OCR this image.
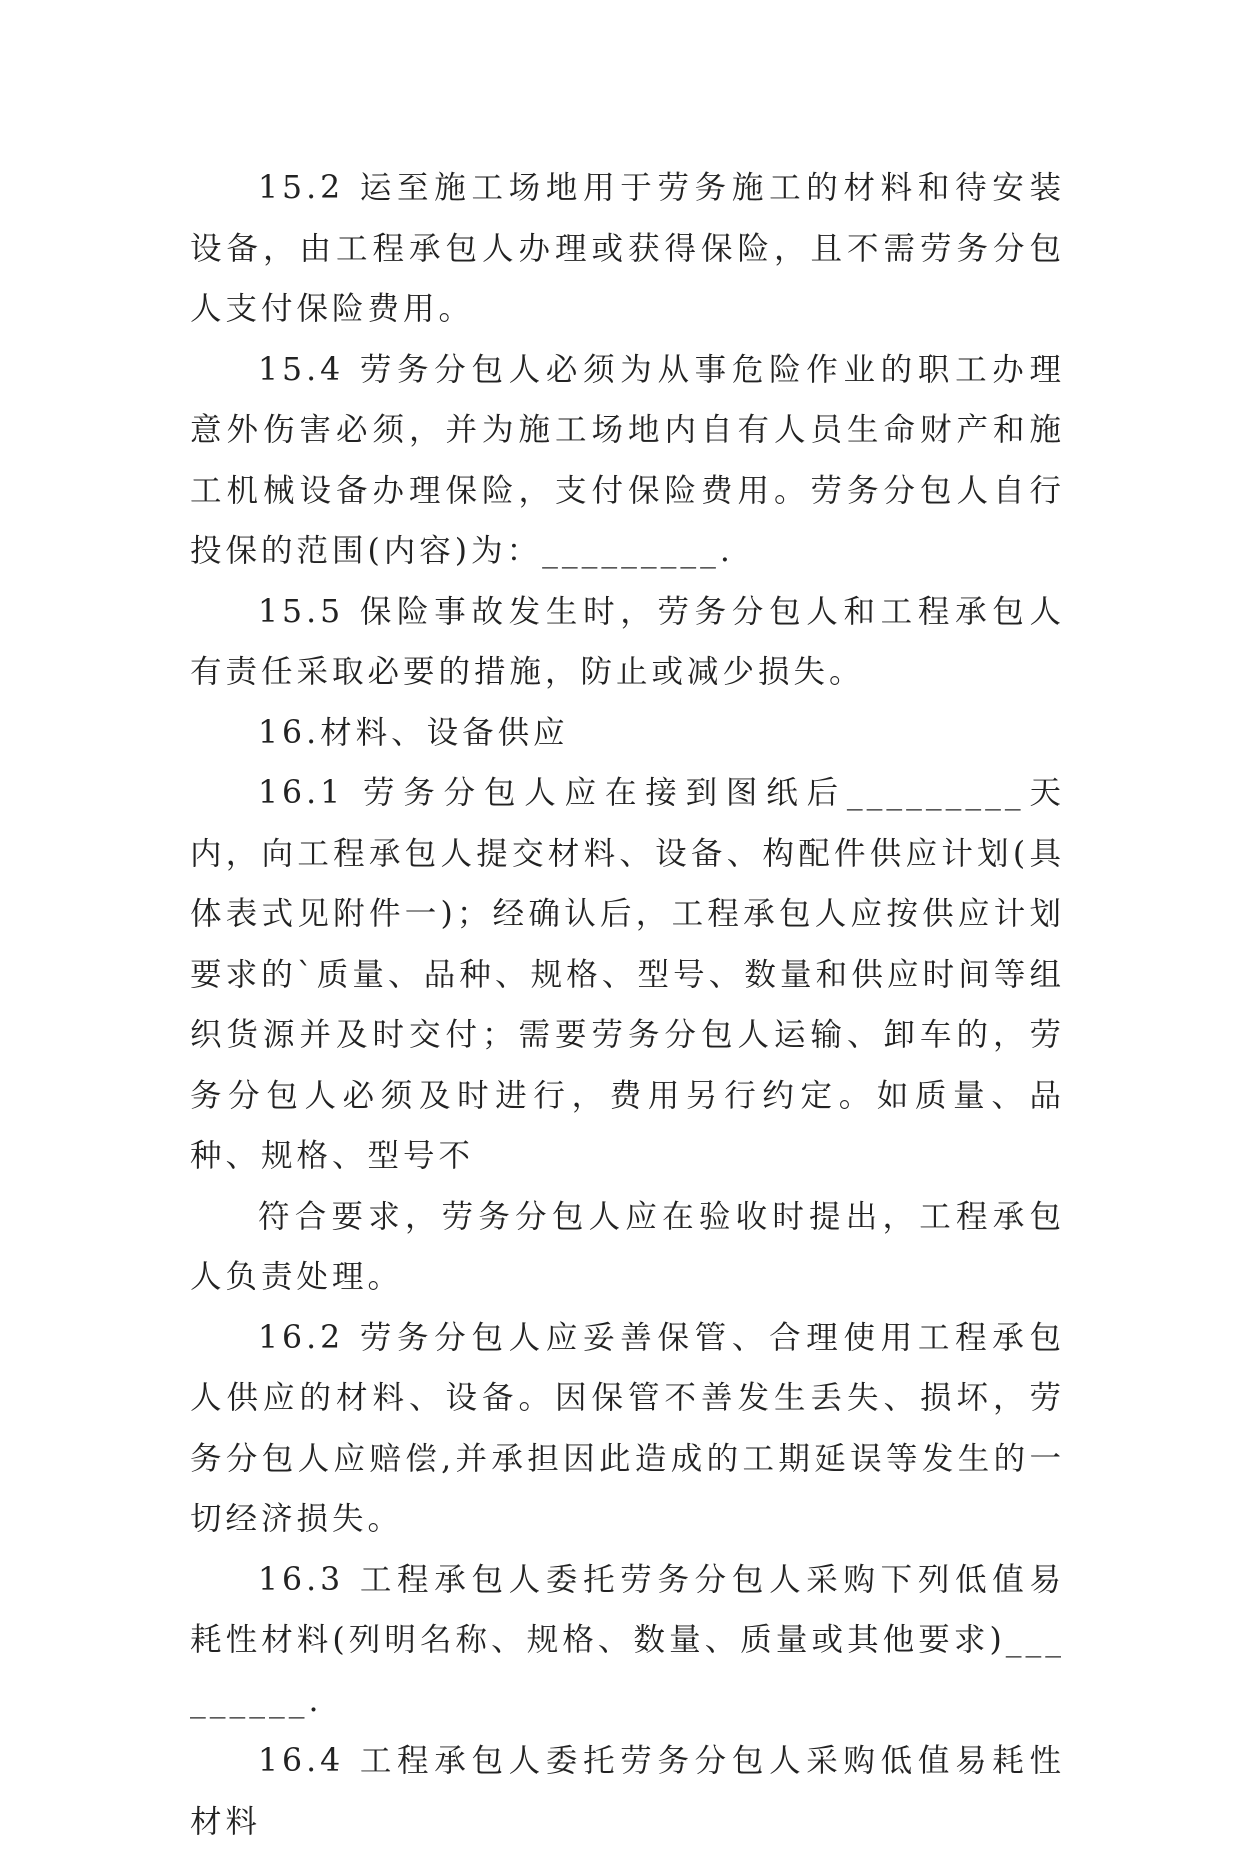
15.2 运至施工场地用于劳务施工的材料和待安装设备，由工程承包人办理或获得保险，且不需劳务分包人支付保险费用。

15.4 劳务分包人必须为从事危险作业的职工办理意外伤害必须，并为施工场地内自有人员生命财产和施工机械设备办理保险，支付保险费用。劳务分包人自行投保的范围(内容)为：_________.

15.5 保险事故发生时，劳务分包人和工程承包人有责任采取必要的措施，防止或减少损失。

16.材料、设备供应

16.1 劳务分包人应在接到图纸后_________天内，向工程承包人提交材料、设备、构配件供应计划(具体表式见附件一)；经确认后，工程承包人应按供应计划要求的`质量、品种、规格、型号、数量和供应时间等组织货源并及时交付；需要劳务分包人运输、卸车的，劳务分包人必须及时进行，费用另行约定。如质量、品种、规格、型号不

符合要求，劳务分包人应在验收时提出，工程承包人负责处理。

16.2 劳务分包人应妥善保管、合理使用工程承包人供应的材料、设备。因保管不善发生丢失、损坏，劳务分包人应赔偿,并承担因此造成的工期延误等发生的一切经济损失。

16.3 工程承包人委托劳务分包人采购下列低值易耗性材料(列明名称、规格、数量、质量或其他要求)_________.

16.4 工程承包人委托劳务分包人采购低值易耗性材料
